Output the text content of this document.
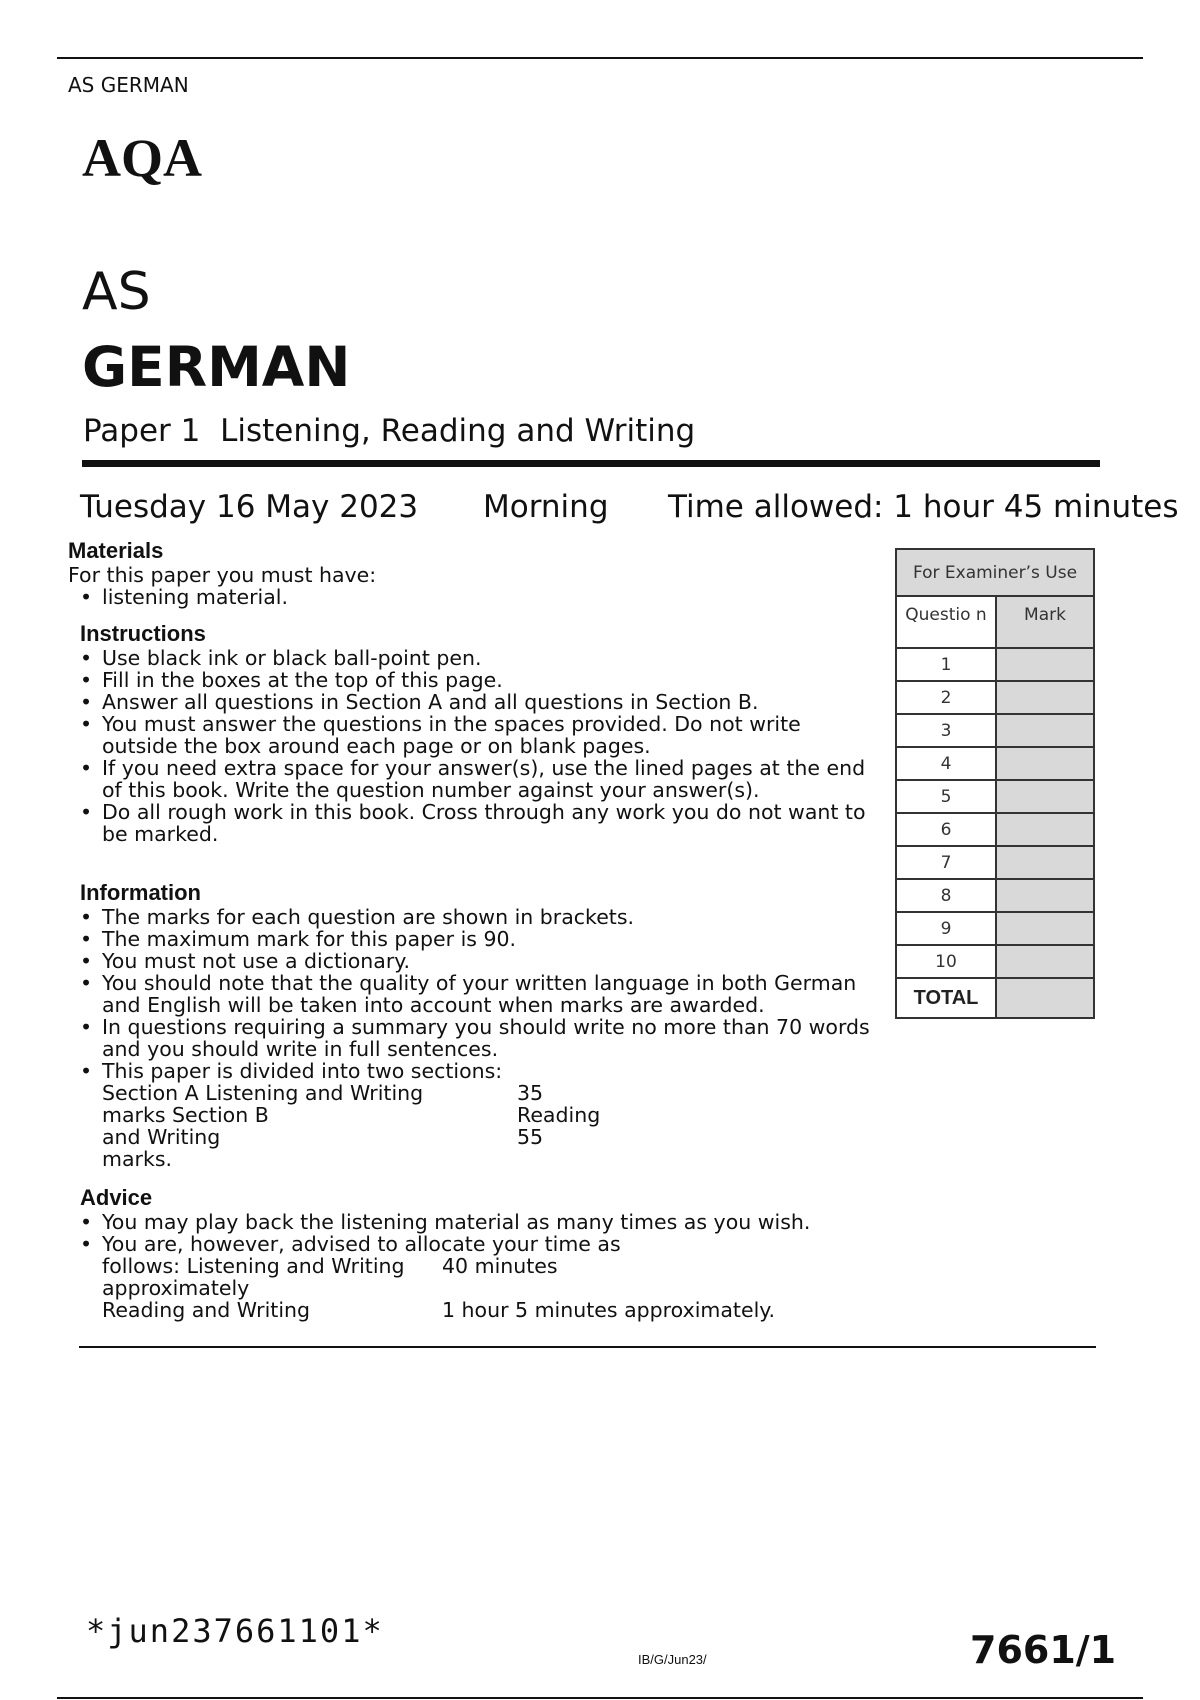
AS GERMAN
AQA
AS
GERMAN
Paper 1  Listening, Reading and Writing
Tuesday 16 May 2023 Morning Time allowed: 1 hour 45 minutes
Materials
For this paper you must have:
• listening material.
Instructions
• Use black ink or black ball-point pen.
• Fill in the boxes at the top of this page.
• Answer all questions in Section A and all questions in Section B.
• You must answer the questions in the spaces provided. Do not write outside the box around each page or on blank pages.
• If you need extra space for your answer(s), use the lined pages at the end of this book. Write the question number against your answer(s).
• Do all rough work in this book. Cross through any work you do not want to be marked.
Information
• The marks for each question are shown in brackets.
• The maximum mark for this paper is 90.
• You must not use a dictionary.
• You should note that the quality of your written language in both German and English will be taken into account when marks are awarded.
• In questions requiring a summary you should write no more than 70 words and you should write in full sentences.
• This paper is divided into two sections:
Section A Listening and Writing	35
marks Section B	Reading
and Writing	55
marks.
Advice
• You may play back the listening material as many times as you wish.
• You are, however, advised to allocate your time as
follows: Listening and Writing	40 minutes
approximately
Reading and Writing	1 hour 5 minutes approximately.
For Examiner’s Use	
Questio n	Mark
1	
2	
3	
4	
5	
6	
7	
8	
9	
10	
TOTAL	
*jun237661101*
IB/G/Jun23/	7661/1
